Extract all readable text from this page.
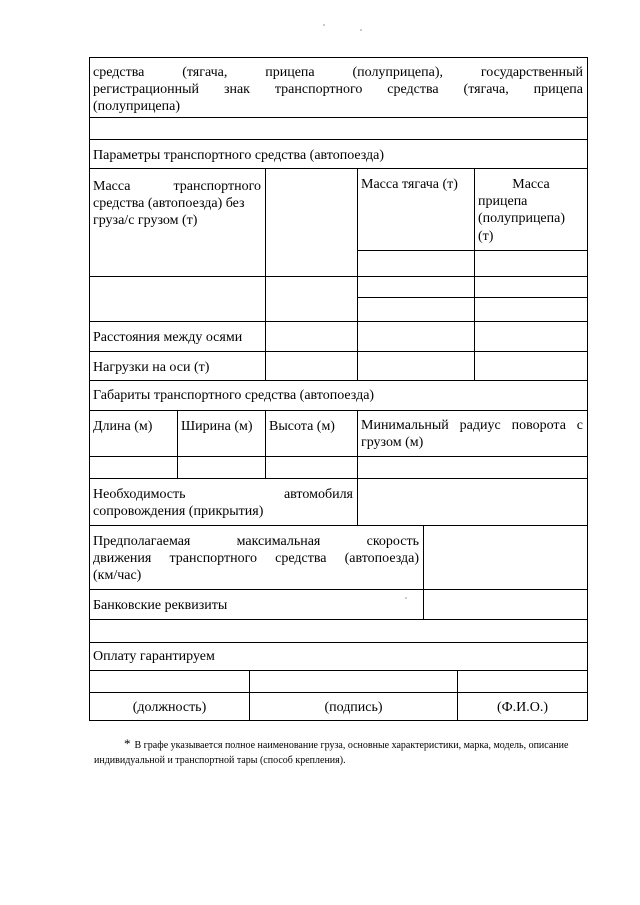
средства	(тягача,	прицепа	(полуприцепа),	государственный
регистрационный знак транспортного средства (тягача, прицепа
(полуприцепа)
Параметры транспортного средства (автопоезда)
Масса	транспортного
средства (автопоезда) без
груза/с грузом (т)
Масса тягача (т)	Масса
прицепа
(полуприцепа)
(т)
Расстояния между осями
Нагрузки на оси (т)
Габариты транспортного средства (автопоезда)
Длина (м) Ширина (м) Высота (м) Минимальный радиус поворота с
грузом (м)
Необходимость	автомобиля
сопровождения (прикрытия)
Предполагаемая	максимальная	скорость
движения транспортного средства (автопоезда)
(км/час)
Банковские реквизиты
Оплату гарантируем
(должность)	(подпись)	(Ф.И.О.)
* В графе указывается полное наименование груза, основные характеристики, марка, модель, описание
индивидуальной и транспортной тары (способ крепления).
